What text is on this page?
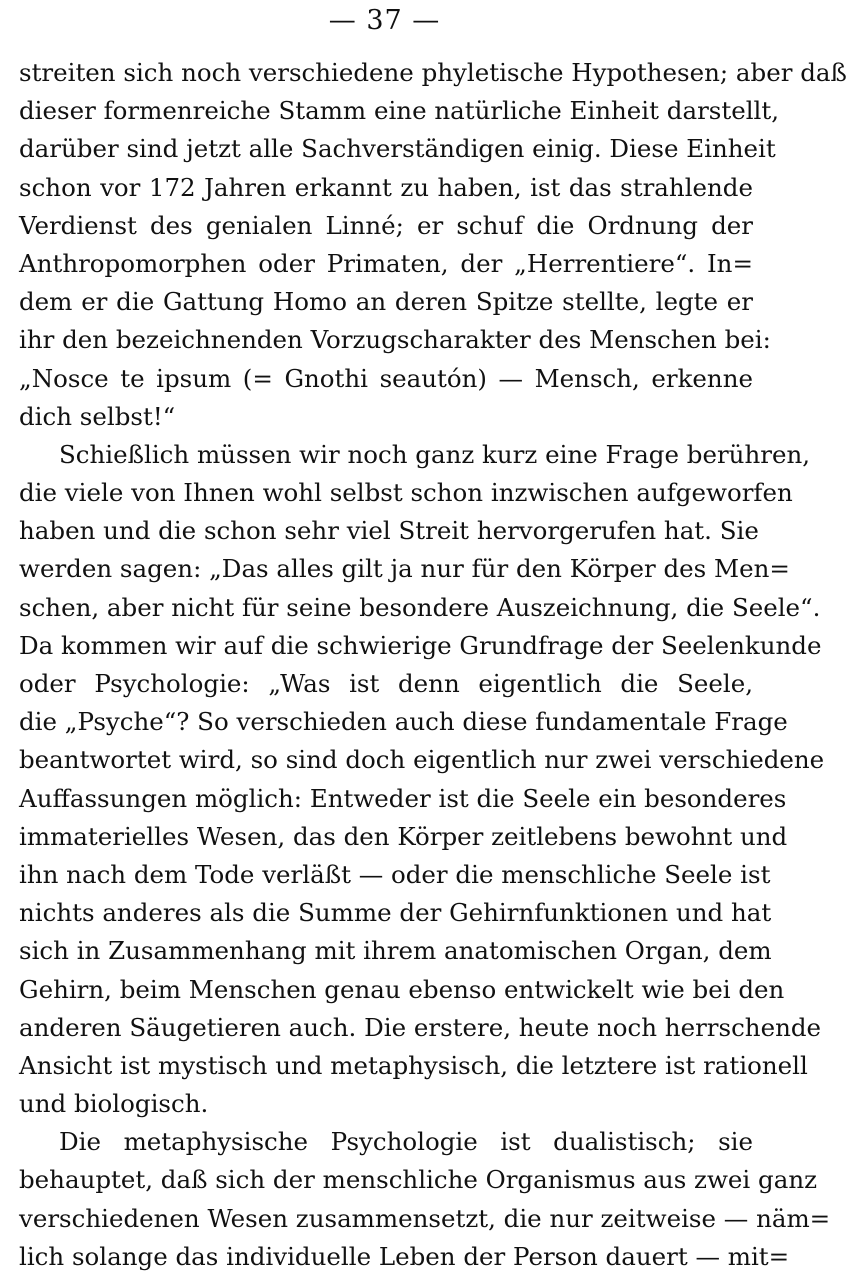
— 37 —
streiten sich noch verschiedene phyletische Hypothesen; aber daß
dieser formenreiche Stamm eine natürliche Einheit darstellt,
darüber sind jetzt alle Sachverständigen einig. Diese Einheit
schon vor 172 Jahren erkannt zu haben, ist das strahlende
Verdienst des genialen Linné; er schuf die Ordnung der
Anthropomorphen oder Primaten, der „Herrentiere“. In=
dem er die Gattung Homo an deren Spitze stellte, legte er
ihr den bezeichnenden Vorzugscharakter des Menschen bei:
„Nosce te ipsum (= Gnothi seautón) — Mensch, erkenne
dich selbst!“
Schießlich müssen wir noch ganz kurz eine Frage berühren,
die viele von Ihnen wohl selbst schon inzwischen aufgeworfen
haben und die schon sehr viel Streit hervorgerufen hat. Sie
werden sagen: „Das alles gilt ja nur für den Körper des Men=
schen, aber nicht für seine besondere Auszeichnung, die Seele“.
Da kommen wir auf die schwierige Grundfrage der Seelenkunde
oder Psychologie: „Was ist denn eigentlich die Seele,
die „Psyche“? So verschieden auch diese fundamentale Frage
beantwortet wird, so sind doch eigentlich nur zwei verschiedene
Auffassungen möglich: Entweder ist die Seele ein besonderes
immaterielles Wesen, das den Körper zeitlebens bewohnt und
ihn nach dem Tode verläßt — oder die menschliche Seele ist
nichts anderes als die Summe der Gehirnfunktionen und hat
sich in Zusammenhang mit ihrem anatomischen Organ, dem
Gehirn, beim Menschen genau ebenso entwickelt wie bei den
anderen Säugetieren auch. Die erstere, heute noch herrschende
Ansicht ist mystisch und metaphysisch, die letztere ist rationell
und biologisch.
Die metaphysische Psychologie ist dualistisch; sie
behauptet, daß sich der menschliche Organismus aus zwei ganz
verschiedenen Wesen zusammensetzt, die nur zeitweise — näm=
lich solange das individuelle Leben der Person dauert — mit=
